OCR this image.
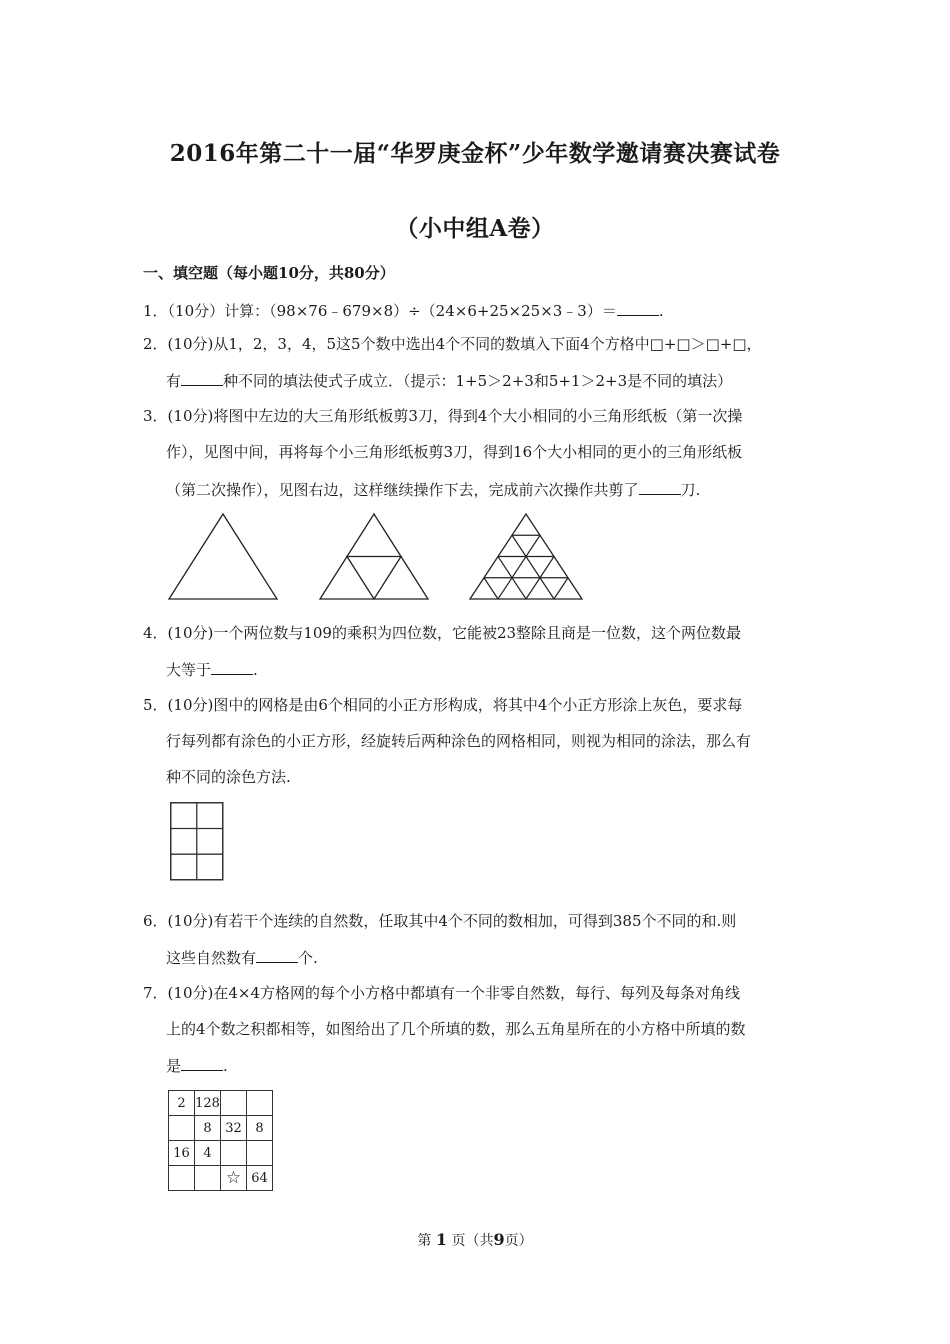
2016年第二十一届“华罗庚金杯”少年数学邀请赛决赛试卷
（小中组A卷）
一、填空题（每小题10分，共80分）
1．（10分）计算：（98×76﹣679×8）÷（24×6+25×25×3﹣3）＝	.
2．(10分)从1，2，3，4，5这5个数中选出4个不同的数填入下面4个方格中□+□＞□+□，
有	种不同的填法使式子成立．（提示：1+5＞2+3和5+1＞2+3是不同的填法）
3．(10分)将图中左边的大三角形纸板剪3刀，得到4个大小相同的小三角形纸板（第一次操
作），见图中间，再将每个小三角形纸板剪3刀，得到16个大小相同的更小的三角形纸板
（第二次操作），见图右边，这样继续操作下去，完成前六次操作共剪了	刀.
4．(10分)一个两位数与109的乘积为四位数，它能被23整除且商是一位数，这个两位数最
大等于	.
5．(10分)图中的网格是由6个相同的小正方形构成，将其中4个小正方形涂上灰色，要求每
行每列都有涂色的小正方形，经旋转后两种涂色的网格相同，则视为相同的涂法，那么有
种不同的涂色方法.
6．(10分)有若干个连续的自然数，任取其中4个不同的数相加，可得到385个不同的和.则
这些自然数有	个.
7．(10分)在4×4方格网的每个小方格中都填有一个非零自然数，每行、每列及每条对角线
上的4个数之积都相等，如图给出了几个所填的数，那么五角星所在的小方格中所填的数
是	.
2	128		
	8	32	8
16	4		
		☆	64
第 1 页（共9页）
